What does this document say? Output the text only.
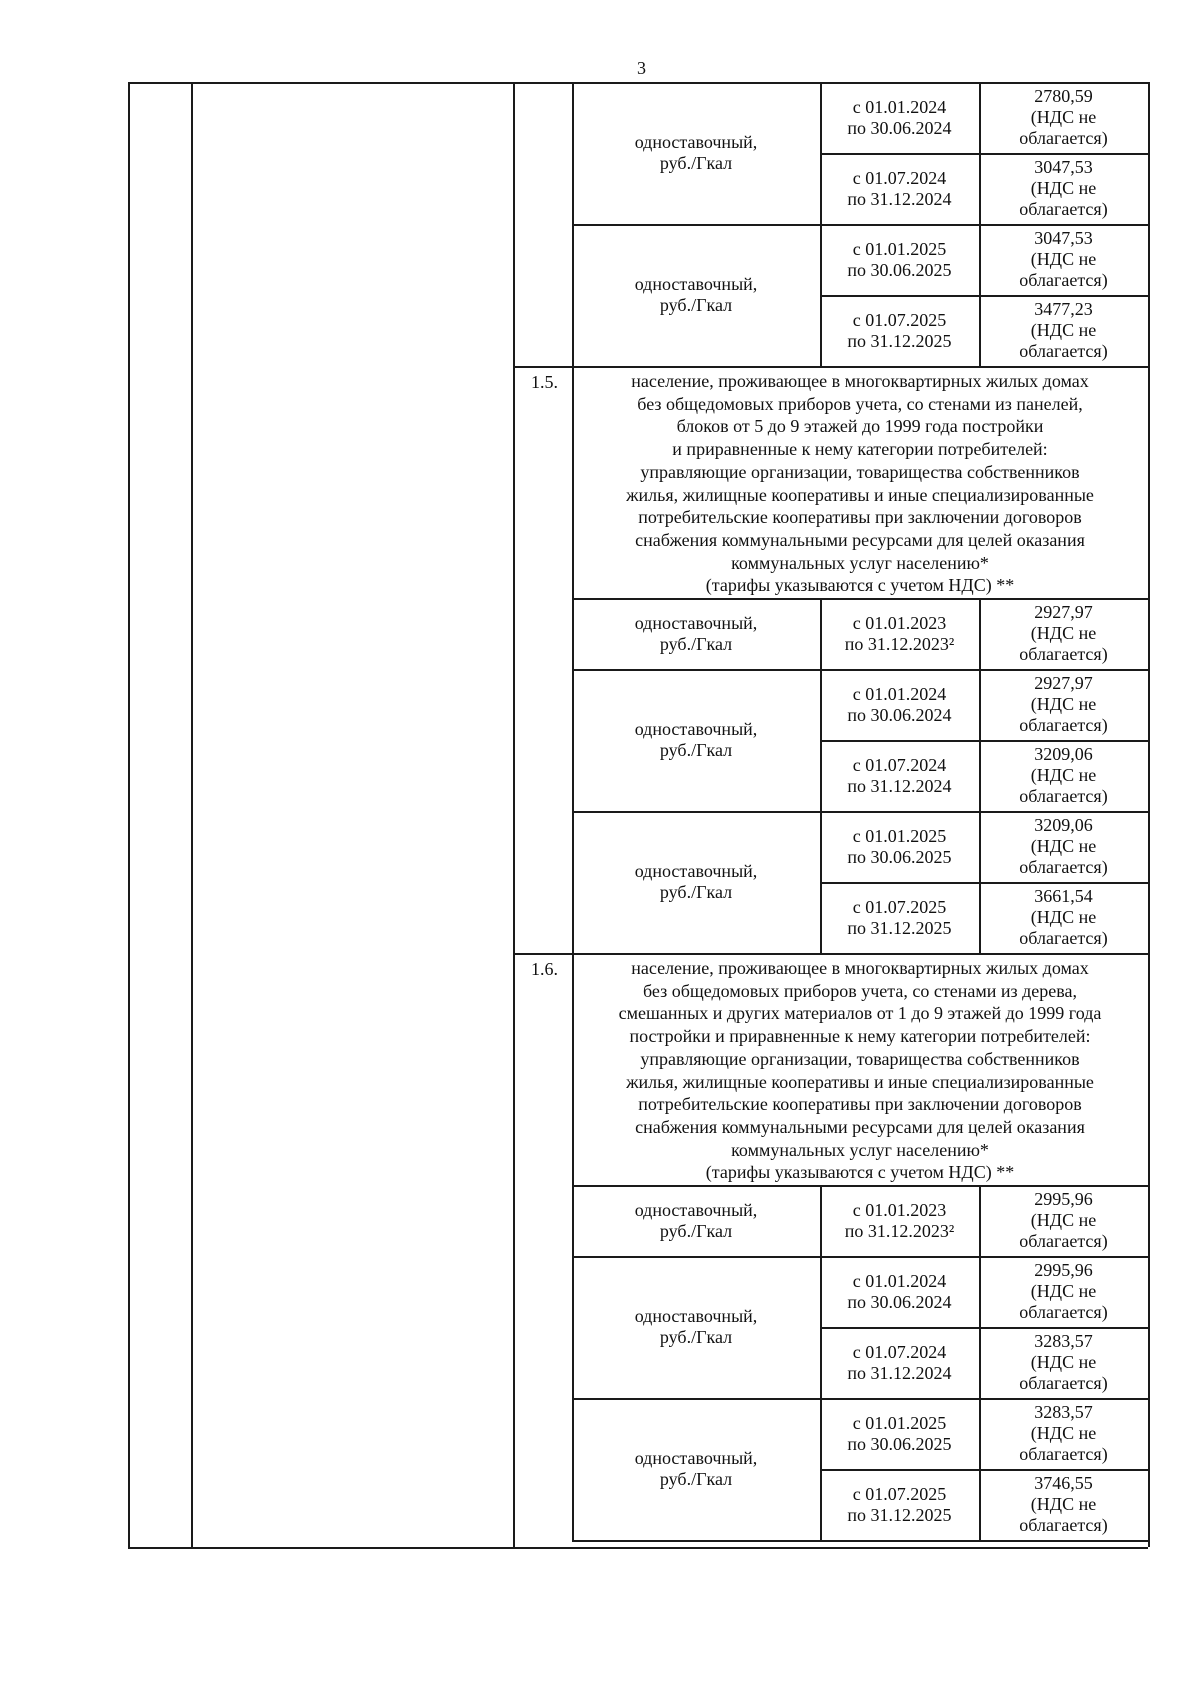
3
одноставочный,
руб./Гкал
с 01.01.2024
по 30.06.2024
2780,59
(НДС не
облагается)
с 01.07.2024
по 31.12.2024
3047,53
(НДС не
облагается)
одноставочный,
руб./Гкал
с 01.01.2025
по 30.06.2025
3047,53
(НДС не
облагается)
с 01.07.2025
по 31.12.2025
3477,23
(НДС не
облагается)
1.5.	население, проживающее в многоквартирных жилых домах
без общедомовых приборов учета, со стенами из панелей,
блоков от 5 до 9 этажей до 1999 года постройки
и приравненные к нему категории потребителей:
управляющие организации, товарищества собственников
жилья, жилищные кооперативы и иные специализированные
потребительские кооперативы при заключении договоров
снабжения коммунальными ресурсами для целей оказания
коммунальных услуг населению*
(тарифы указываются с учетом НДС) **
одноставочный,
руб./Гкал
с 01.01.2023
по 31.12.2023²
2927,97
(НДС не
облагается)
одноставочный,
руб./Гкал
с 01.01.2024
по 30.06.2024
2927,97
(НДС не
облагается)
с 01.07.2024
по 31.12.2024
3209,06
(НДС не
облагается)
одноставочный,
руб./Гкал
с 01.01.2025
по 30.06.2025
3209,06
(НДС не
облагается)
с 01.07.2025
по 31.12.2025
3661,54
(НДС не
облагается)
1.6.	население, проживающее в многоквартирных жилых домах
без общедомовых приборов учета, со стенами из дерева,
смешанных и других материалов от 1 до 9 этажей до 1999 года
постройки и приравненные к нему категории потребителей:
управляющие организации, товарищества собственников
жилья, жилищные кооперативы и иные специализированные
потребительские кооперативы при заключении договоров
снабжения коммунальными ресурсами для целей оказания
коммунальных услуг населению*
(тарифы указываются с учетом НДС) **
одноставочный,
руб./Гкал
с 01.01.2023
по 31.12.2023²
2995,96
(НДС не
облагается)
одноставочный,
руб./Гкал
с 01.01.2024
по 30.06.2024
2995,96
(НДС не
облагается)
с 01.07.2024
по 31.12.2024
3283,57
(НДС не
облагается)
одноставочный,
руб./Гкал
с 01.01.2025
по 30.06.2025
3283,57
(НДС не
облагается)
с 01.07.2025
по 31.12.2025
3746,55
(НДС не
облагается)
